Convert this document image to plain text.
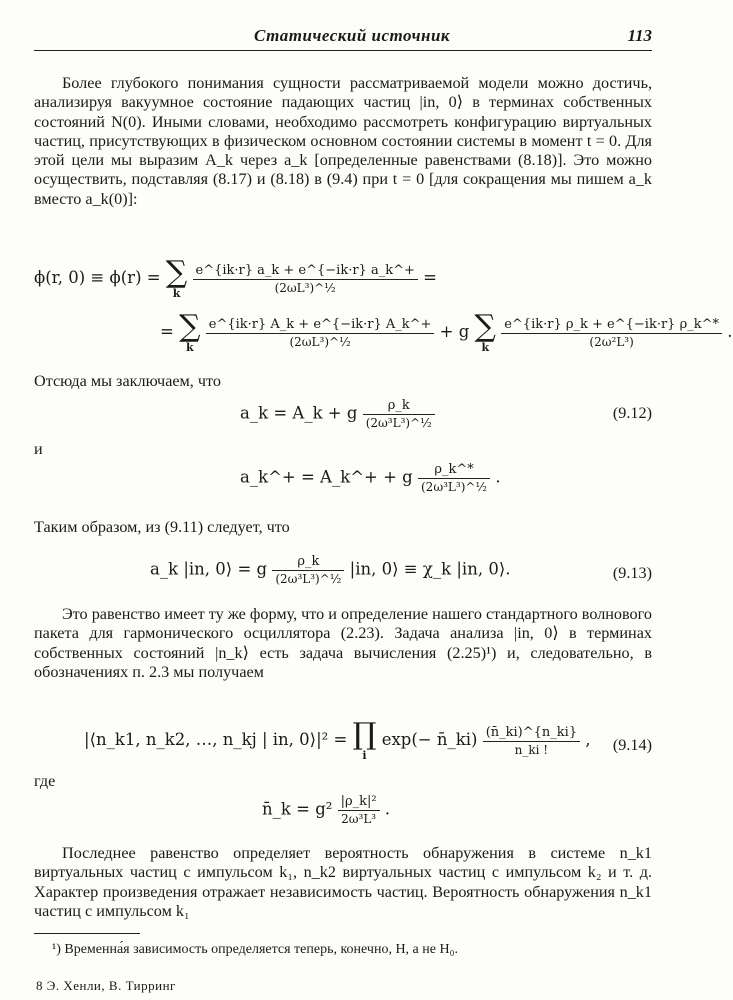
Статический источник	113

Более глубокого понимания сущности рассматриваемой модели можно достичь, анализируя вакуумное состояние падающих частиц |in, 0⟩ в терминах собственных состояний N(0). Иными словами, необходимо рассмотреть конфигурацию виртуальных частиц, присутствующих в физическом основном состоянии системы в момент t = 0. Для этой цели мы выразим A_k через a_k [определенные равенствами (8.18)]. Это можно осуществить, подставляя (8.17) и (8.18) в (9.4) при t = 0 [для сокращения мы пишем a_k вместо a_k(0)]:

ϕ(r, 0) ≡ ϕ(r) = ∑
k
$\frac{e\^{}\{ik\cdot r\} a\_k + e\^{}\{-ik\cdot r\} a\_k\^{}+}{\text{(2ωL³)\textasciicircum{}½}}$ =
= ∑
k
$\frac{e\^{}\{ik\cdot r\} A\_k + e\^{}\{-ik\cdot r\} A\_k\^{}+}{\text{(2ωL³)\textasciicircum{}½}} + g$ ∑
k
$\frac{e\^{}\{ik\cdot r\} \rho\_k + e\^{}\{-ik\cdot r\} \rho\_k\^{}*}{\text{(2ω²L³)}}$ .

Отсюда мы заключаем, что

a_k = A_k + g $\frac{\rho\_k}{\text{(2ω³L³)\textasciicircum{}½}}$	(9.12)

и

a_k^+ = A_k^+ + g $\frac{\rho\_k\^{}*}{\text{(2ω³L³)\textasciicircum{}½}}$ .

Таким образом, из (9.11) следует, что

a_k |in, 0⟩ = g $\frac{\rho\_k}{\text{(2ω³L³)\textasciicircum{}½}} |in$, 0⟩ ≡ χ_k |in, 0⟩.	(9.13)

Это равенство имеет ту же форму, что и определение нашего стандартного волнового пакета для гармонического осциллятора (2.23). Задача анализа |in, 0⟩ в терминах собственных состояний |n_k⟩ есть задача вычисления (2.25)¹) и, следовательно, в обозначениях п. 2.3 мы получаем

|⟨n_k1, n_k2, …, n_kj | in, 0⟩|² = ∏
i
exp(− n̄_ki) $\frac{(n̄\_ki)\^{}\{n\_ki\}}{n\_ki !}$ , (9.14)

где

n̄_k = $g^2 \frac{\text{|ρ\_k|²}}{\text{2ω³L³}}$ .

Последнее равенство определяет вероятность обнаружения в системе n_k1 виртуальных частиц с импульсом k₁, n_k2 виртуальных частиц с импульсом k₂ и т. д. Характер произведения отражает независимость частиц. Вероятность обнаружения n_k1 частиц с импульсом k₁

¹) Временна́я зависимость определяется теперь, конечно, H, а не H₀.
8 Э. Хенли, В. Тирринг
